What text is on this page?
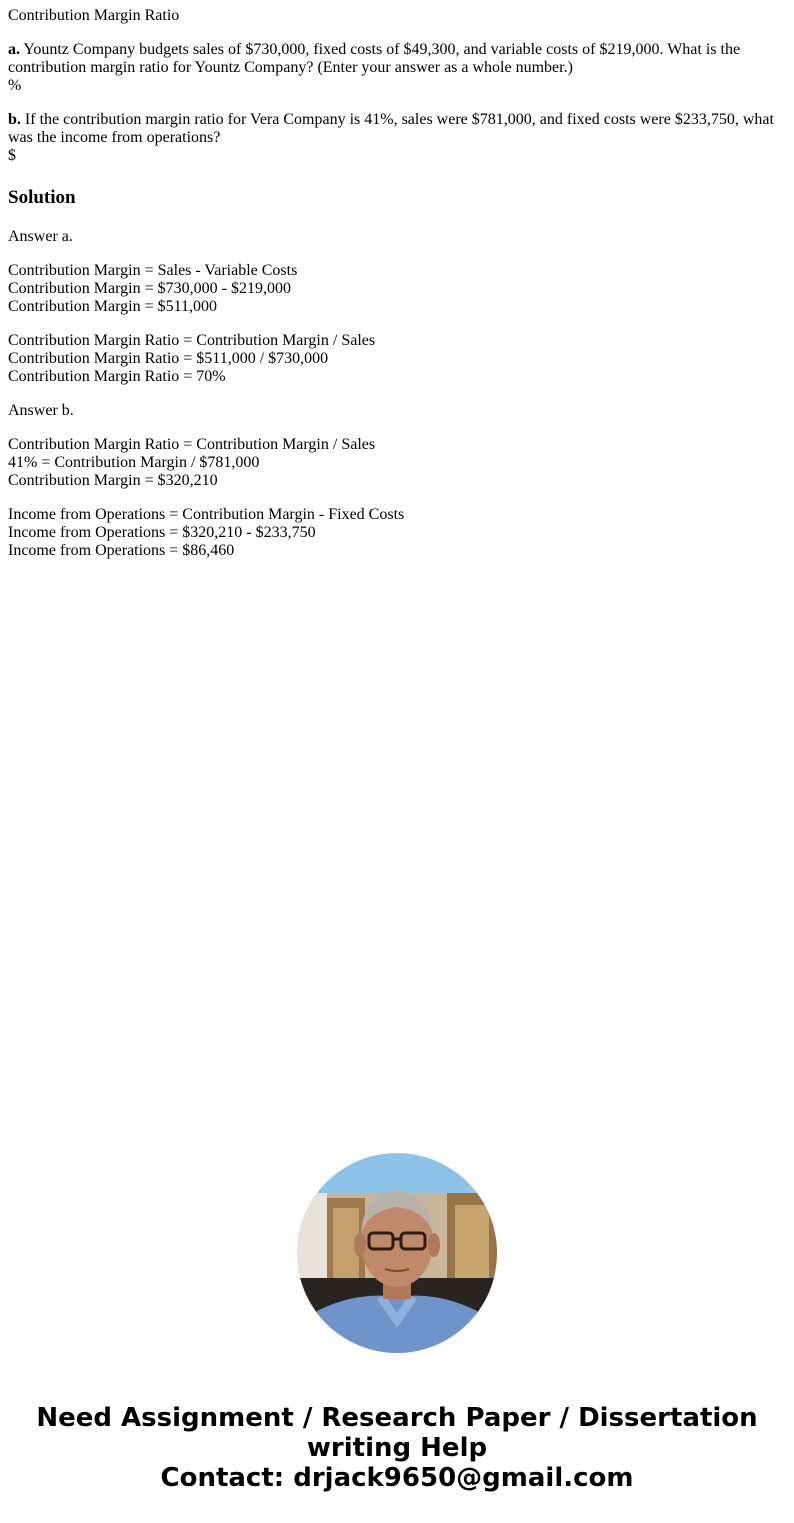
Contribution Margin Ratio

a. Yountz Company budgets sales of $730,000, fixed costs of $49,300, and variable costs of $219,000. What is the contribution margin ratio for Yountz Company? (Enter your answer as a whole number.)
%
b. If the contribution margin ratio for Vera Company is 41%, sales were $781,000, and fixed costs were $233,750, what was the income from operations?
$
Solution

Answer a.

Contribution Margin = Sales - Variable Costs
Contribution Margin = $730,000 - $219,000
Contribution Margin = $511,000

Contribution Margin Ratio = Contribution Margin / Sales
Contribution Margin Ratio = $511,000 / $730,000
Contribution Margin Ratio = 70%

Answer b.

Contribution Margin Ratio = Contribution Margin / Sales
41% = Contribution Margin / $781,000
Contribution Margin = $320,210

Income from Operations = Contribution Margin - Fixed Costs
Income from Operations = $320,210 - $233,750
Income from Operations = $86,460

Need Assignment / Research Paper / Dissertation
writing Help
Contact: drjack9650@gmail.com
